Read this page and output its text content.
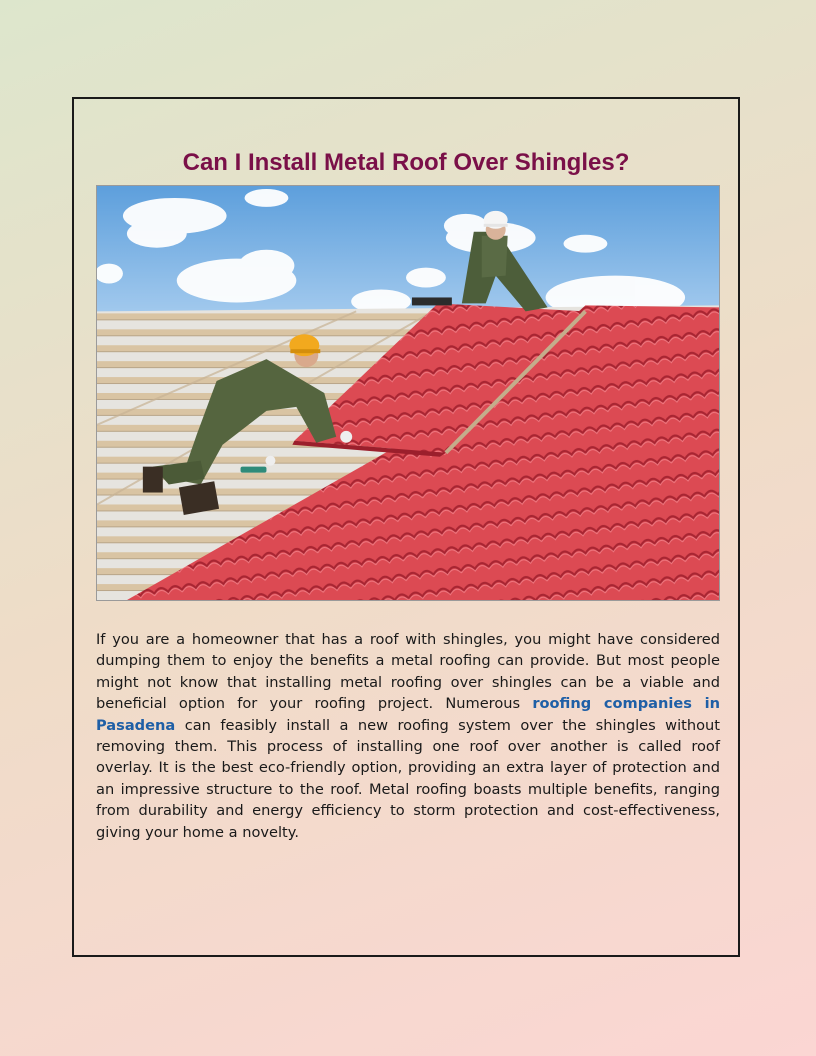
Can I Install Metal Roof Over Shingles?

If you are a homeowner that has a roof with shingles, you might have considered dumping them to enjoy the benefits a metal roofing can provide. But most people might not know that installing metal roofing over shingles can be a viable and beneficial option for your roofing project. Numerous roofing companies in Pasadena can feasibly install a new roofing system over the shingles without removing them. This process of installing one roof over another is called roof overlay. It is the best eco-friendly option, providing an extra layer of protection and an impressive structure to the roof. Metal roofing boasts multiple benefits, ranging from durability and energy efficiency to storm protection and cost-effectiveness, giving your home a novelty.
